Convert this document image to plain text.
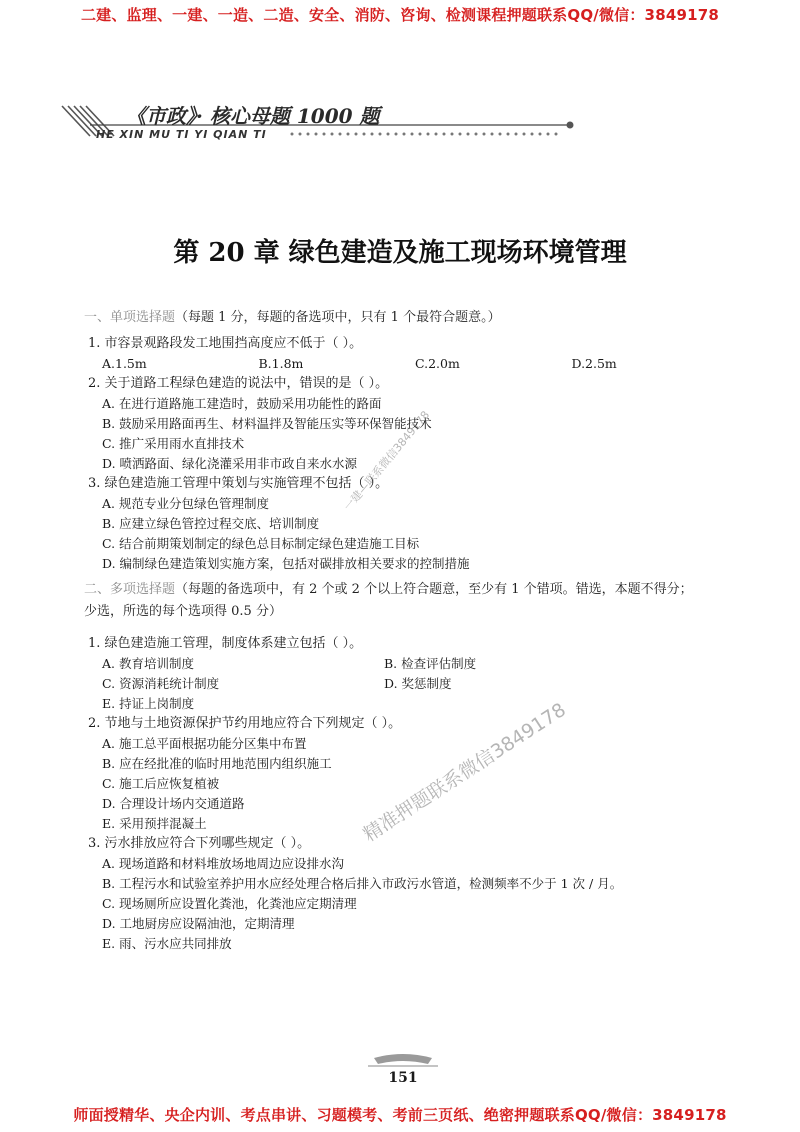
二建、监理、一建、一造、二造、安全、消防、咨询、检测课程押题联系QQ/微信：3849178
《市政》· 核心母题 1000 题
HE XIN MU TI YI QIAN TI
第 20 章 绿色建造及施工现场环境管理
一、单项选择题（每题 1 分，每题的备选项中，只有 1 个最符合题意。）
1. 市容景观路段发工地围挡高度应不低于（ ）。
A.1.5m	B.1.8m	C.2.0m	D.2.5m
2. 关于道路工程绿色建造的说法中，错误的是（ ）。
A. 在进行道路施工建造时，鼓励采用功能性的路面
B. 鼓励采用路面再生、材料温拌及智能压实等环保智能技术
C. 推广采用雨水直排技术
D. 喷洒路面、绿化浇灌采用非市政自来水水源
3. 绿色建造施工管理中策划与实施管理不包括（ ）。
A. 规范专业分包绿色管理制度
B. 应建立绿色管控过程交底、培训制度
C. 结合前期策划制定的绿色总目标制定绿色建造施工目标
D. 编制绿色建造策划实施方案，包括对碳排放相关要求的控制措施
二、多项选择题（每题的备选项中，有 2 个或 2 个以上符合题意，至少有 1 个错项。错选，本题不得分；
少选，所选的每个选项得 0.5 分）
1. 绿色建造施工管理，制度体系建立包括（ ）。
A. 教育培训制度	B. 检查评估制度
C. 资源消耗统计制度	D. 奖惩制度
E. 持证上岗制度
2. 节地与土地资源保护节约用地应符合下列规定（ ）。
A. 施工总平面根据功能分区集中布置
B. 应在经批准的临时用地范围内组织施工
C. 施工后应恢复植被
D. 合理设计场内交通道路
E. 采用预拌混凝土
3. 污水排放应符合下列哪些规定（ ）。
A. 现场道路和材料堆放场地周边应设排水沟
B. 工程污水和试验室养护用水应经处理合格后排入市政污水管道，检测频率不少于 1 次 / 月。
C. 现场厕所应设置化粪池，化粪池应定期清理
D. 工地厨房应设隔油池，定期清理
E. 雨、污水应共同排放
一建—联系微信3849178
精准押题联系微信3849178
151
师面授精华、央企内训、考点串讲、习题模考、考前三页纸、绝密押题联系QQ/微信：3849178
